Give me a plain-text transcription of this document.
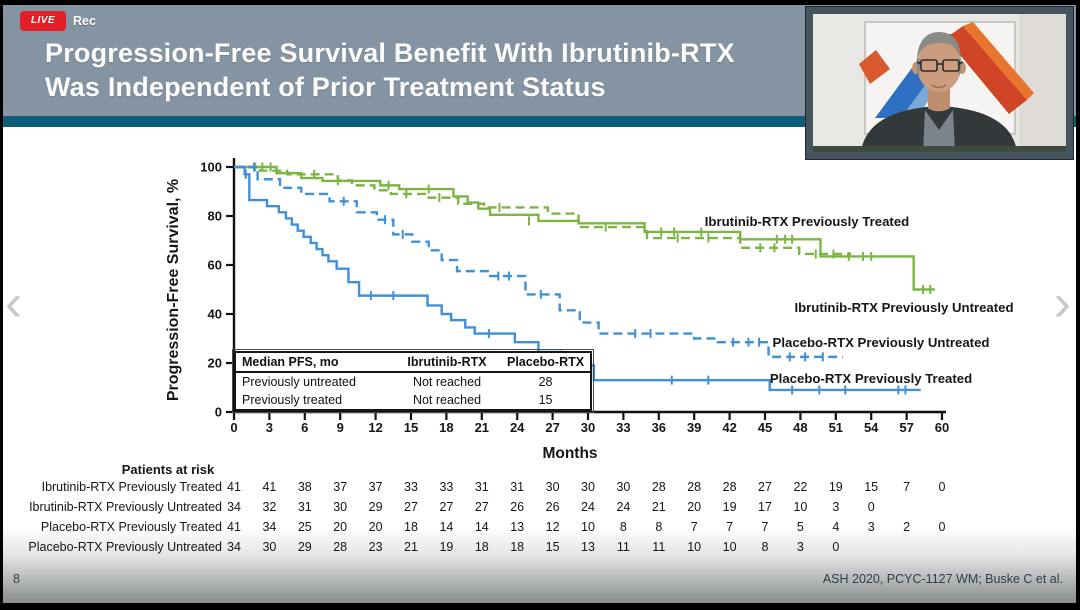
LIVE	Rec
Progression-Free Survival Benefit With Ibrutinib-RTX
Was Independent of Prior Treatment Status
0
20
40
60
80
100
0 3 6 9 12 15 18 21 24 27 30 33 36 39 42 45 48 51 54 57 60
Months
Progression-Free Survival, %	Ibrutinib-RTX Previously Treated
Ibrutinib-RTX Previously Untreated
Placebo-RTX Previously Untreated
Placebo-RTX Previously Treated
Patients at risk
Ibrutinib-RTX Previously Treated 41 41 38 37 37 33 33 31 31 30 30 30 28 28 28 27 22 19 15 7 0
Ibrutinib-RTX Previously Untreated 34 32 31 30 29 27 27 27 26 26 24 24 21 20 19 17 10 3 0
Placebo-RTX Previously Treated 41 34 25 20 20 18 14 14 13 12 10 8 8 7 7 7 5 4 3 2 0
Placebo-RTX Previously Untreated 34 30 29 28 23 21 19 18 18 15 13 11 11 10 10 8 3 0
Median PFS, mo	Ibrutinib-RTX	Placebo-RTX
Previously untreated	Not reached	28
Previously treated	Not reached	15
‹	›
8	ASH 2020, PCYC-1127 WM; Buske C et al.
